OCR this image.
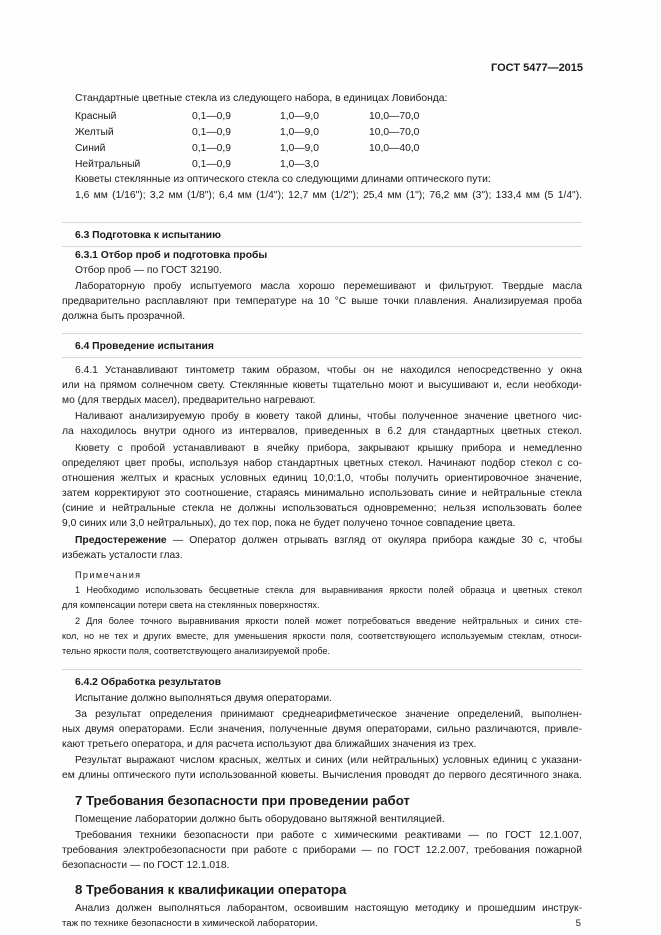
ГОСТ 5477—2015
Стандартные цветные стекла из следующего набора, в единицах Ловибонда:
Красный	0,1—0,9	1,0—9,0	10,0—70,0
Желтый	0,1—0,9	1,0—9,0	10,0—70,0
Синий	0,1—0,9	1,0—9,0	10,0—40,0
Нейтральный	0,1—0,9	1,0—3,0
Кюветы стеклянные из оптического стекла со следующими длинами оптического пути:
1,6 мм (1/16"); 3,2 мм (1/8"); 6,4 мм (1/4"); 12,7 мм (1/2"); 25,4 мм (1"); 76,2 мм (3"); 133,4 мм (5 1/4").
6.3 Подготовка к испытанию
6.3.1 Отбор проб и подготовка пробы
Отбор проб — по ГОСТ 32190.
Лабораторную пробу испытуемого масла хорошо перемешивают и фильтруют. Твердые масла
предварительно расплавляют при температуре на 10 °С выше точки плавления. Анализируемая проба
должна быть прозрачной.
6.4 Проведение испытания
6.4.1 Устанавливают тинтометр таким образом, чтобы он не находился непосредственно у окна
или на прямом солнечном свету. Стеклянные кюветы тщательно моют и высушивают и, если необходи-
мо (для твердых масел), предварительно нагревают.
Наливают анализируемую пробу в кювету такой длины, чтобы полученное значение цветного чис-
ла находилось внутри одного из интервалов, приведенных в 6.2 для стандартных цветных стекол.
Кювету с пробой устанавливают в ячейку прибора, закрывают крышку прибора и немедленно
определяют цвет пробы, используя набор стандартных цветных стекол. Начинают подбор стекол с со-
отношения желтых и красных условных единиц 10,0:1,0, чтобы получить ориентировочное значение,
затем корректируют это соотношение, стараясь минимально использовать синие и нейтральные стекла
(синие и нейтральные стекла не должны использоваться одновременно; нельзя использовать более
9,0 синих или 3,0 нейтральных), до тех пор, пока не будет получено точное совпадение цвета.
Предостережение — Оператор должен отрывать взгляд от окуляра прибора каждые 30 с, чтобы
избежать усталости глаз.
Примечания
1 Необходимо использовать бесцветные стекла для выравнивания яркости полей образца и цветных стекол
для компенсации потери света на стеклянных поверхностях.
2 Для более точного выравнивания яркости полей может потребоваться введение нейтральных и синих сте-
кол, но не тех и других вместе, для уменьшения яркости поля, соответствующего используемым стеклам, относи-
тельно яркости поля, соответствующего анализируемой пробе.
6.4.2 Обработка результатов
Испытание должно выполняться двумя операторами.
За результат определения принимают среднеарифметическое значение определений, выполнен-
ных двумя операторами. Если значения, полученные двумя операторами, сильно различаются, привле-
кают третьего оператора, и для расчета используют два ближайших значения из трех.
Результат выражают числом красных, желтых и синих (или нейтральных) условных единиц с указани-
ем длины оптического пути использованной кюветы. Вычисления проводят до первого десятичного знака.
7 Требования безопасности при проведении работ
Помещение лаборатории должно быть оборудовано вытяжной вентиляцией.
Требования техники безопасности при работе с химическими реактивами — по ГОСТ 12.1.007,
требования электробезопасности при работе с приборами — по ГОСТ 12.2.007, требования пожарной
безопасности — по ГОСТ 12.1.018.
8 Требования к квалификации оператора
Анализ должен выполняться лаборантом, освоившим настоящую методику и прошедшим инструк-
таж по технике безопасности в химической лаборатории.	5
